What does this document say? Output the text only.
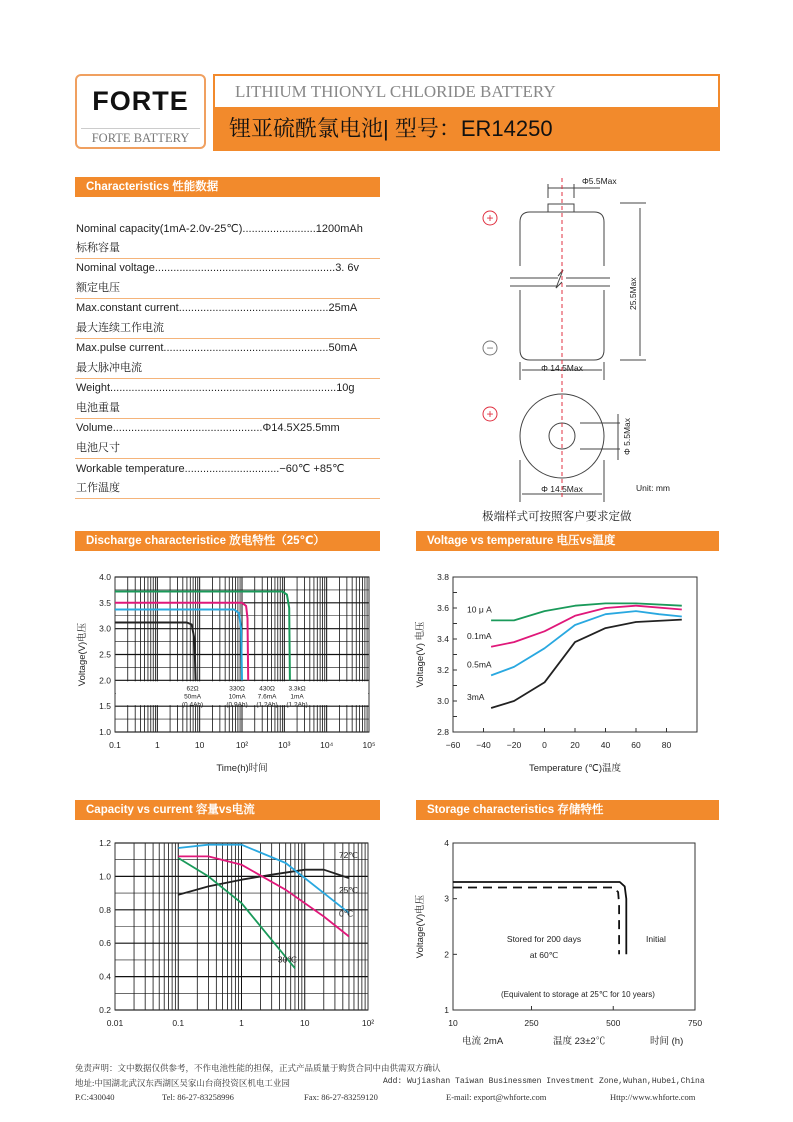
FORTE
FORTE BATTERY
LITHIUM THIONYL CHLORIDE BATTERY
锂亚硫酰氯电池| 型号：ER14250
Characteristics 性能数据
Nominal capacity(1mA-2.0v-25℃)........................1200mAh
标称容量
Nominal voltage...........................................................3. 6v
额定电压
Max.constant current.................................................25mA
最大连续工作电流
Max.pulse current......................................................50mA
最大脉冲电流
Weight..........................................................................10g
电池重量
Volume.................................................Φ14.5X25.5mm
电池尺寸
Workable temperature...............................−60℃ +85℃
工作温度
+
+
−
Φ5.5Max
25.5Max
Φ 14.5Max
Φ 5.5Max
Φ 14.5Max	Unit: mm
极端样式可按照客户要求定做
Discharge characteristice 放电特性（25℃）	Voltage vs temperature 电压vs温度
Capacity vs current 容量vs电流	Storage characteristics 存储特性
1.0
1.5
2.0
2.5
3.0
3.5
4.0
0.1	1	10	10²	10³	10⁴	10⁵
Time(h)时间
Voltage(V)电压
62Ω
50mA
(0.4Ah)
330Ω
10mA
(0.9Ah)
430Ω
7.6mA
(1.2Ah)
3.3kΩ
1mA
(1.2Ah)
2.8
3.0
3.2
3.4
3.6
3.8
−60 −40 −20 0	20 40 60 80
Temperature (℃)温度
Voltage(V) 电压
10 μ A
0.1mA
0.5mA
3mA
0.2
0.4
0.6
0.8
1.0
1.2
0.01	0.1	1	10	10²
72℃
25℃
0℃
−30℃
1
2
3
4
10	250	500	750
Voltage(V)电压	Stored for 200 days
at 60℃
Initial
(Equivalent to storage at 25℃ for 10 years)
电流 2mA	温度 23±2℃	时间 (h)
免责声明：文中数据仅供参考，不作电池性能的担保，正式产品质量于购货合同中由供需双方确认
地址:中国湖北武汉东西湖区吴家山台商投资区机电工业园	Add: Wujiashan Taiwan Businessmen Investment Zone,Wuhan,Hubei,China
P.C:430040	Tel: 86-27-83258996	Fax: 86-27-83259120	E-mail: export@whforte.com	Http://www.whforte.com
